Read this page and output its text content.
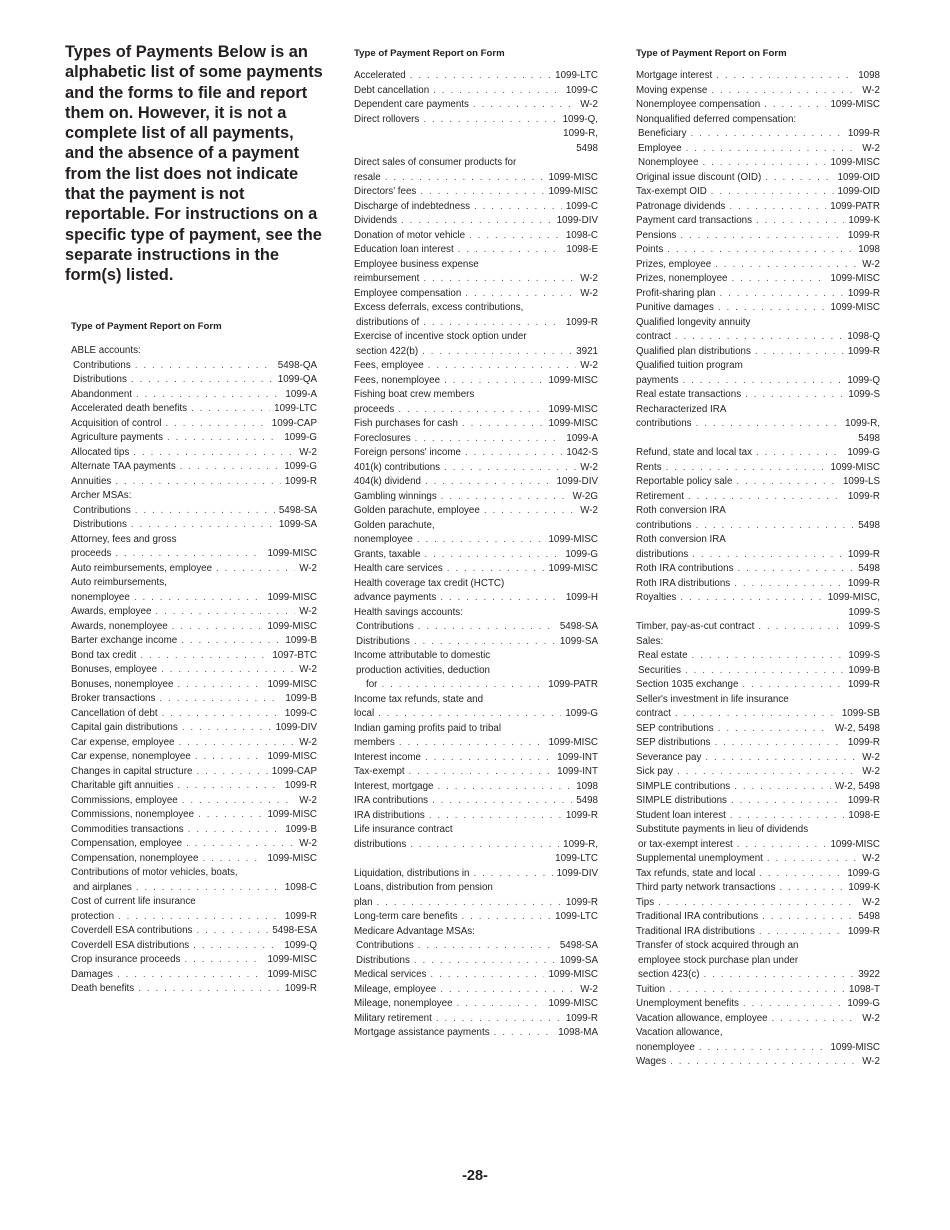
Types of Payments Below is an alphabetic list of some payments and the forms to file and report them on. However, it is not a complete list of all payments, and the absence of a payment from the list does not indicate that the payment is not reportable. For instructions on a specific type of payment, see the separate instructions in the form(s) listed.

Type of Payment Report on Form
ABLE accounts:
Contributions . . .	5498-QA
Distributions . . .	1099-QA
Abandonment . . .	1099-A
Accelerated death benefits . . .	1099-LTC
Acquisition of control . . .	1099-CAP
Agriculture payments . . .	1099-G
Allocated tips . . .	W-2
Alternate TAA payments . . .	1099-G
Annuities . . .	1099-R
Archer MSAs:
Contributions . . .	5498-SA
Distributions . . .	1099-SA
Attorney, fees and gross
proceeds . . .	1099-MISC
Auto reimbursements, employee . . .	W-2
Auto reimbursements,
nonemployee . . .	1099-MISC
Awards, employee . . .	W-2
Awards, nonemployee . . .	1099-MISC
Barter exchange income . . .	1099-B
Bond tax credit . . .	1097-BTC
Bonuses, employee . . .	W-2
Bonuses, nonemployee . . .	1099-MISC
Broker transactions . . .	1099-B
Cancellation of debt . . .	1099-C
Capital gain distributions . . .	1099-DIV
Car expense, employee . . .	W-2
Car expense, nonemployee . . .	1099-MISC
Changes in capital structure . . .	1099-CAP
Charitable gift annuities . . .	1099-R
Commissions, employee . . .	W-2
Commissions, nonemployee . . .	1099-MISC
Commodities transactions . . .	1099-B
Compensation, employee . . .	W-2
Compensation, nonemployee . . .	1099-MISC
Contributions of motor vehicles, boats,
and airplanes . . .	1098-C
Cost of current life insurance
protection . . .	1099-R
Coverdell ESA contributions . . .	5498-ESA
Coverdell ESA distributions . . .	1099-Q
Crop insurance proceeds . . .	1099-MISC
Damages . . .	1099-MISC
Death benefits . . .	1099-R
Type of Payment Report on Form
Accelerated . . .	1099-LTC
Debt cancellation . . .	1099-C
Dependent care payments . . .	W-2
Direct rollovers . . .	1099-Q,
1099-R,
5498
Direct sales of consumer products for
resale . . .	1099-MISC
Directors' fees . . .	1099-MISC
Discharge of indebtedness . . .	1099-C
Dividends . . .	1099-DIV
Donation of motor vehicle . . .	1098-C
Education loan interest . . .	1098-E
Employee business expense
reimbursement . . .	W-2
Employee compensation . . .	W-2
Excess deferrals, excess contributions,
distributions of . . .	1099-R
Exercise of incentive stock option under
section 422(b) . . .	3921
Fees, employee . . .	W-2
Fees, nonemployee . . .	1099-MISC
Fishing boat crew members
proceeds . . .	1099-MISC
Fish purchases for cash . . .	1099-MISC
Foreclosures . . .	1099-A
Foreign persons' income . . .	1042-S
401(k) contributions . . .	W-2
404(k) dividend . . .	1099-DIV
Gambling winnings . . .	W-2G
Golden parachute, employee . . .	W-2
Golden parachute,
nonemployee . . .	1099-MISC
Grants, taxable . . .	1099-G
Health care services . . .	1099-MISC
Health coverage tax credit (HCTC)
advance payments . . .	1099-H
Health savings accounts:
Contributions . . .	5498-SA
Distributions . . .	1099-SA
Income attributable to domestic
production activities, deduction
for . . .	1099-PATR
Income tax refunds, state and
local . . .	1099-G
Indian gaming profits paid to tribal
members . . .	1099-MISC
Interest income . . .	1099-INT
Tax-exempt . . .	1099-INT
Interest, mortgage . . .	1098
IRA contributions . . .	5498
IRA distributions . . .	1099-R
Life insurance contract
distributions . . .	1099-R,
1099-LTC
Liquidation, distributions in . . .	1099-DIV
Loans, distribution from pension
plan . . .	1099-R
Long-term care benefits . . .	1099-LTC
Medicare Advantage MSAs:
Contributions . . .	5498-SA
Distributions . . .	1099-SA
Medical services . . .	1099-MISC
Mileage, employee . . .	W-2
Mileage, nonemployee . . .	1099-MISC
Military retirement . . .	1099-R
Mortgage assistance payments . . .	1098-MA
Type of Payment Report on Form
Mortgage interest . . .	1098
Moving expense . . .	W-2
Nonemployee compensation . . .	1099-MISC
Nonqualified deferred compensation:
Beneficiary . . .	1099-R
Employee . . .	W-2
Nonemployee . . .	1099-MISC
Original issue discount (OID) . . .	1099-OID
Tax-exempt OID . . .	1099-OID
Patronage dividends . . .	1099-PATR
Payment card transactions . . .	1099-K
Pensions . . .	1099-R
Points . . .	1098
Prizes, employee . . .	W-2
Prizes, nonemployee . . .	1099-MISC
Profit-sharing plan . . .	1099-R
Punitive damages . . .	1099-MISC
Qualified longevity annuity
contract . . .	1098-Q
Qualified plan distributions . . .	1099-R
Qualified tuition program
payments . . .	1099-Q
Real estate transactions . . .	1099-S
Recharacterized IRA
contributions . . .	1099-R,
5498
Refund, state and local tax . . .	1099-G
Rents . . .	1099-MISC
Reportable policy sale . . .	1099-LS
Retirement . . .	1099-R
Roth conversion IRA
contributions . . .	5498
Roth conversion IRA
distributions . . .	1099-R
Roth IRA contributions . . .	5498
Roth IRA distributions . . .	1099-R
Royalties . . .	1099-MISC,
1099-S
Timber, pay-as-cut contract . . .	1099-S
Sales:
Real estate . . .	1099-S
Securities . . .	1099-B
Section 1035 exchange . . .	1099-R
Seller's investment in life insurance
contract . . .	1099-SB
SEP contributions . . .	W-2, 5498
SEP distributions . . .	1099-R
Severance pay . . .	W-2
Sick pay . . .	W-2
SIMPLE contributions . . .	W-2, 5498
SIMPLE distributions . . .	1099-R
Student loan interest . . .	1098-E
Substitute payments in lieu of dividends
or tax-exempt interest . . .	1099-MISC
Supplemental unemployment . . .	W-2
Tax refunds, state and local . . .	1099-G
Third party network transactions . . .	1099-K
Tips . . .	W-2
Traditional IRA contributions . . .	5498
Traditional IRA distributions . . .	1099-R
Transfer of stock acquired through an
employee stock purchase plan under
section 423(c) . . .	3922
Tuition . . .	1098-T
Unemployment benefits . . .	1099-G
Vacation allowance, employee . . .	W-2
Vacation allowance,
nonemployee . . .	1099-MISC
Wages . . .	W-2
-28-
